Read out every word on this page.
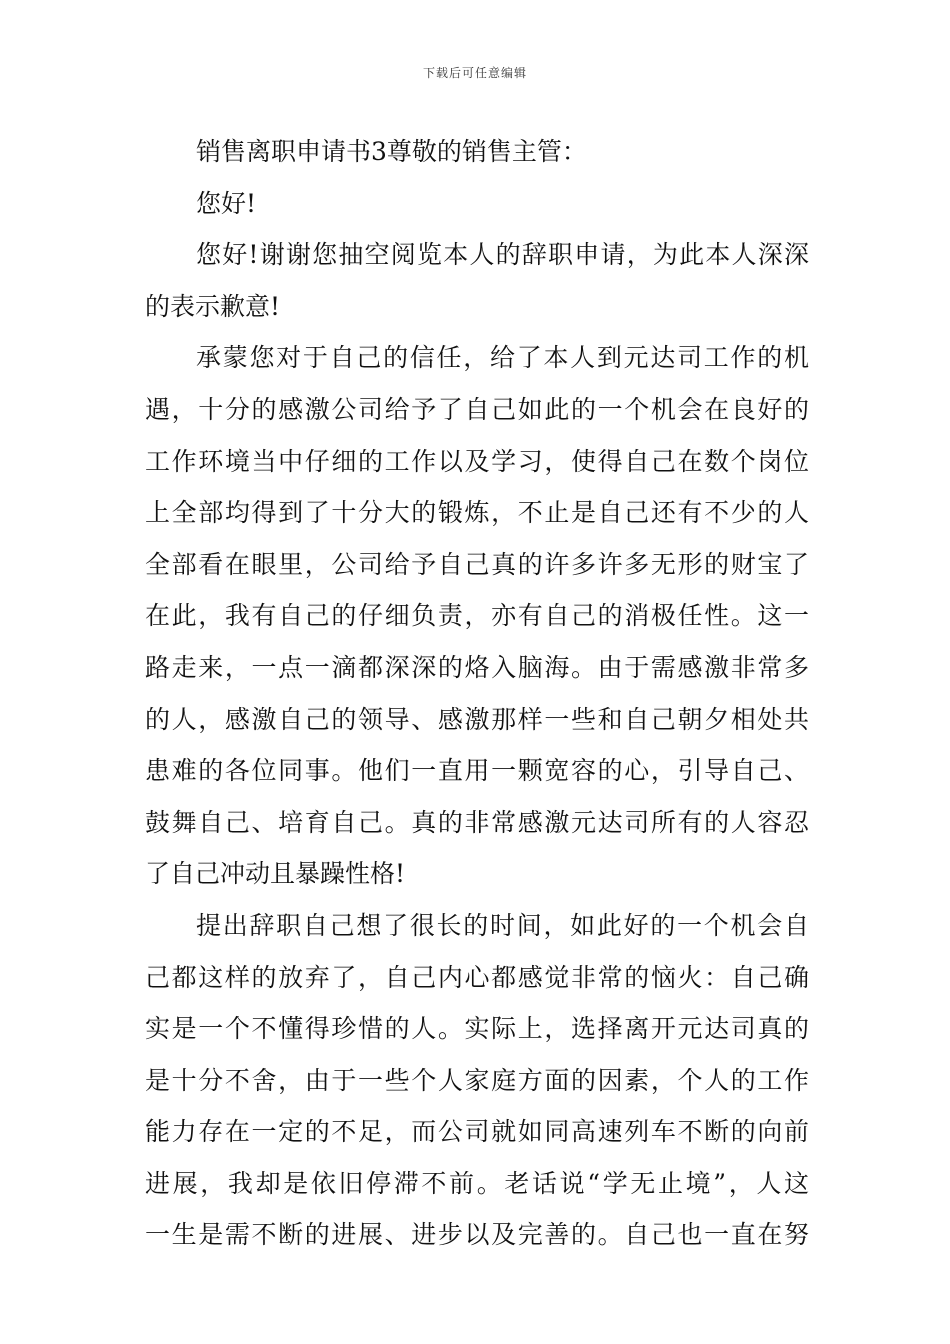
下载后可任意编辑
销售离职申请书3尊敬的销售主管：
您好!
您好!谢谢您抽空阅览本人的辞职申请，为此本人深深
的表示歉意!
承蒙您对于自己的信任，给了本人到元达司工作的机
遇，十分的感激公司给予了自己如此的一个机会在良好的
工作环境当中仔细的工作以及学习，使得自己在数个岗位
上全部均得到了十分大的锻炼，不止是自己还有不少的人
全部看在眼里，公司给予自己真的许多许多无形的财宝了
在此，我有自己的仔细负责，亦有自己的消极任性。这一
路走来，一点一滴都深深的烙入脑海。由于需感激非常多
的人，感激自己的领导、感激那样一些和自己朝夕相处共
患难的各位同事。他们一直用一颗宽容的心，引导自己、
鼓舞自己、培育自己。真的非常感激元达司所有的人容忍
了自己冲动且暴躁性格!
提出辞职自己想了很长的时间，如此好的一个机会自
己都这样的放弃了，自己内心都感觉非常的恼火：自己确
实是一个不懂得珍惜的人。实际上，选择离开元达司真的
是十分不舍，由于一些个人家庭方面的因素，个人的工作
能力存在一定的不足，而公司就如同高速列车不断的向前
进展，我却是依旧停滞不前。老话说“学无止境”，人这
一生是需不断的进展、进步以及完善的。自己也一直在努
